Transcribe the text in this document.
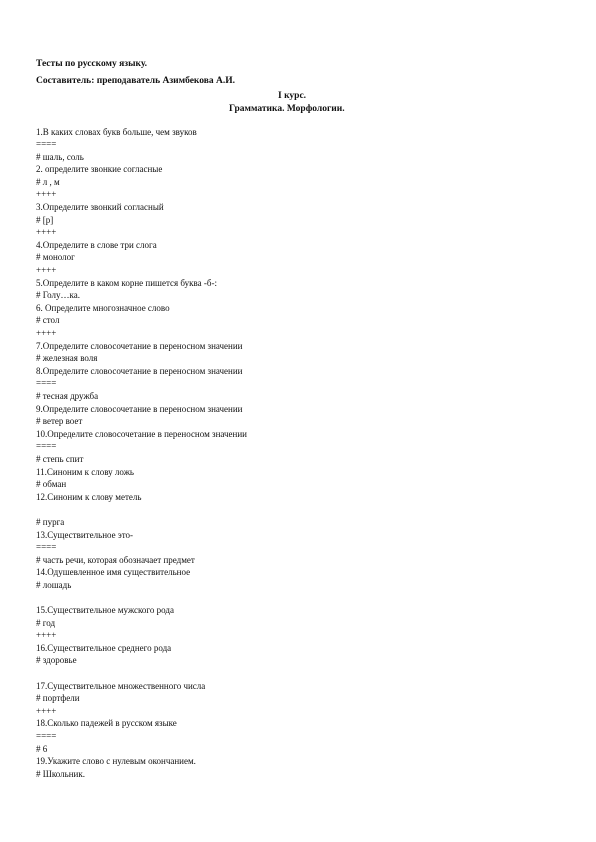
Тесты по русскому языку.
Составитель: преподаватель Азимбекова А.И.
I курс.
Грамматика. Морфологии.
1.В каких словах букв больше, чем звуков
====
# шаль, соль
2. определите звонкие согласные
# л , м
++++
3.Определите звонкий согласный
# [р]
++++
4.Определите в слове три слога
# монолог
++++
5.Определите в каком корне пишется буква -б-:
# Голу…ка.
6. Определите многозначное слово
# стол
++++
7.Определите словосочетание в переносном значении
# железная воля
8.Определите словосочетание в переносном значении
====
# тесная дружба
9.Определите словосочетание в переносном значении
# ветер воет
10.Определите словосочетание в переносном значении
====
# степь спит
11.Синоним к слову ложь
# обман
12.Синоним к слову метель
# пурга
13.Существительное это-
====
# часть речи, которая обозначает предмет
14.Одушевленное имя существительное
# лошадь
15.Существительное мужского рода
# год
++++
16.Существительное среднего рода
# здоровье
17.Существительное множественного числа
# портфели
++++
18.Сколько падежей в русском языке
====
# 6
19.Укажите слово с нулевым окончанием.
# Школьник.
